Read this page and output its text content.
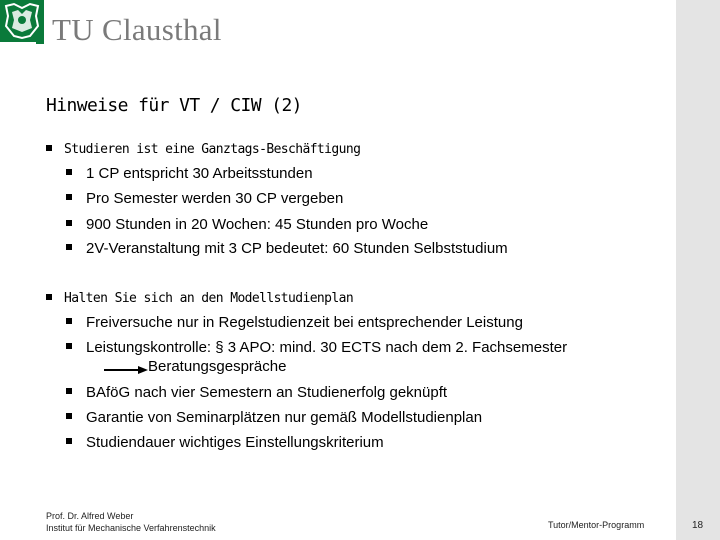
TU Clausthal
Hinweise für VT / CIW (2)
Studieren ist eine Ganztags-Beschäftigung
1 CP entspricht 30 Arbeitsstunden
Pro Semester werden 30 CP vergeben
900 Stunden in 20 Wochen: 45 Stunden pro Woche
2V-Veranstaltung mit 3 CP bedeutet: 60 Stunden Selbststudium
Halten Sie sich an den Modellstudienplan
Freiversuche nur in Regelstudienzeit bei entsprechender Leistung
Leistungskontrolle: § 3 APO: mind. 30 ECTS nach dem 2. Fachsemester
Beratungsgespräche
BAföG nach vier Semestern an Studienerfolg geknüpft
Garantie von Seminarplätzen nur gemäß Modellstudienplan
Studiendauer wichtiges Einstellungskriterium
Prof. Dr. Alfred Weber
Institut für Mechanische Verfahrenstechnik	Tutor/Mentor-Programm	18
